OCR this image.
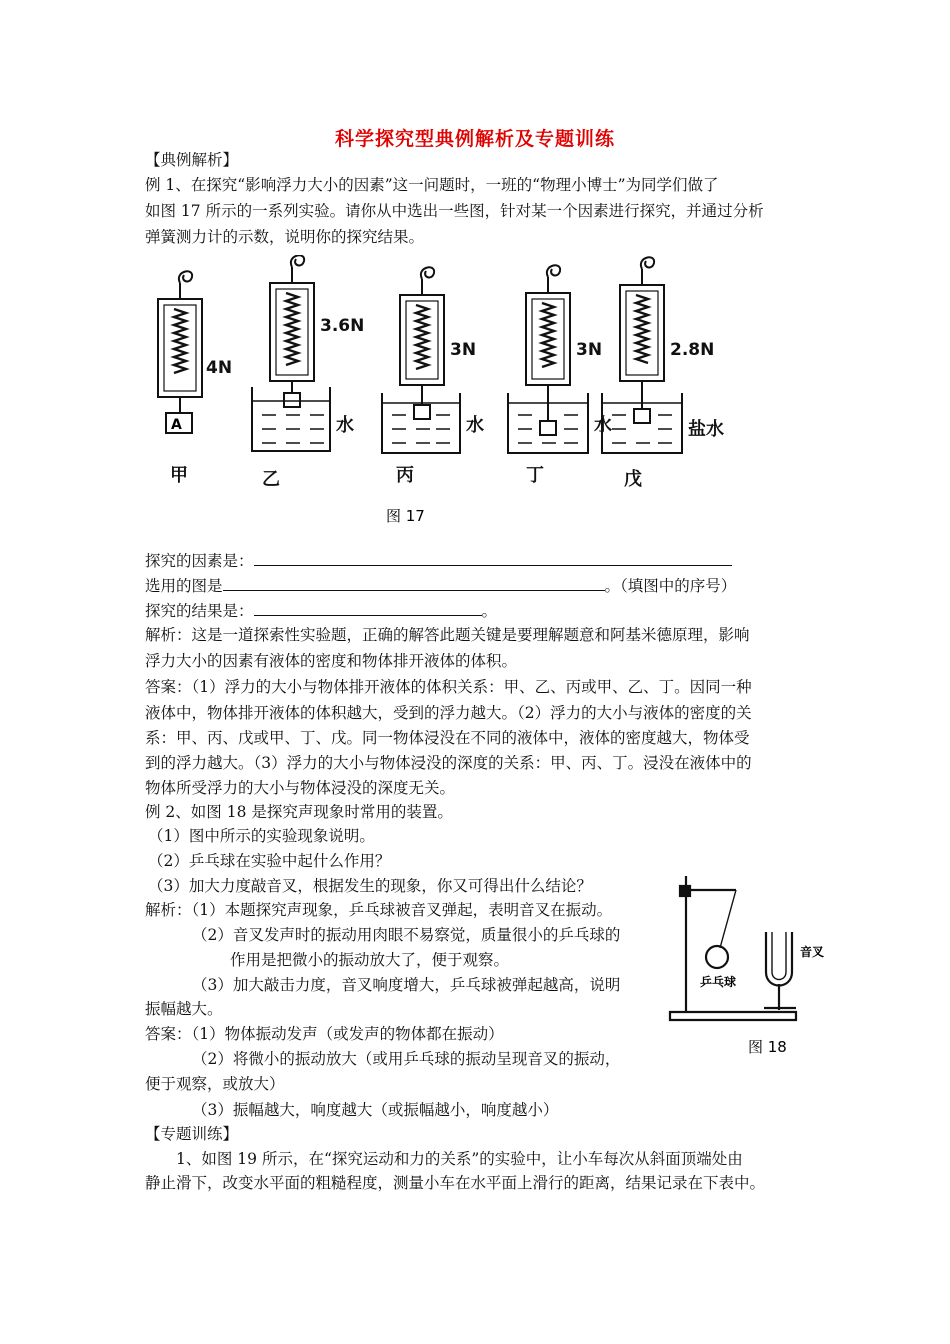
科学探究型典例解析及专题训练
【典例解析】
例 1、在探究“影响浮力大小的因素”这一问题时，一班的“物理小博士”为同学们做了
如图 17 所示的一系列实验。请你从中选出一些图，针对某一个因素进行探究，并通过分析
弹簧测力计的示数，说明你的探究结果。
4N
3.6N
3N	3N	2.8N
A	水	水	水	盐水
甲	乙	丙	丁	戊
图 17
探究的因素是：
选用的图是	。（填图中的序号）
探究的结果是：	。
解析：这是一道探索性实验题，正确的解答此题关键是要理解题意和阿基米德原理，影响
浮力大小的因素有液体的密度和物体排开液体的体积。
答案：（1）浮力的大小与物体排开液体的体积关系：甲、乙、丙或甲、乙、丁。因同一种
液体中，物体排开液体的体积越大，受到的浮力越大。（2）浮力的大小与液体的密度的关
系：甲、丙、戊或甲、丁、戊。同一物体浸没在不同的液体中，液体的密度越大，物体受
到的浮力越大。（3）浮力的大小与物体浸没的深度的关系：甲、丙、丁。浸没在液体中的
物体所受浮力的大小与物体浸没的深度无关。
例 2、如图 18 是探究声现象时常用的装置。
（1）图中所示的实验现象说明。
（2）乒乓球在实验中起什么作用？
（3）加大力度敲音叉，根据发生的现象，你又可得出什么结论？
解析：（1）本题探究声现象，乒乓球被音叉弹起，表明音叉在振动。
（2）音叉发声时的振动用肉眼不易察觉，质量很小的乒乓球的
作用是把微小的振动放大了，便于观察。
（3）加大敲击力度，音叉响度增大，乒乓球被弹起越高，说明
振幅越大。
答案：（1）物体振动发声（或发声的物体都在振动）
（2）将微小的振动放大（或用乒乓球的振动呈现音叉的振动，
便于观察，或放大）
（3）振幅越大，响度越大（或振幅越小，响度越小）
乒乓球
音叉
图 18
【专题训练】
1、如图 19 所示，在“探究运动和力的关系”的实验中，让小车每次从斜面顶端处由
静止滑下，改变水平面的粗糙程度，测量小车在水平面上滑行的距离，结果记录在下表中。
